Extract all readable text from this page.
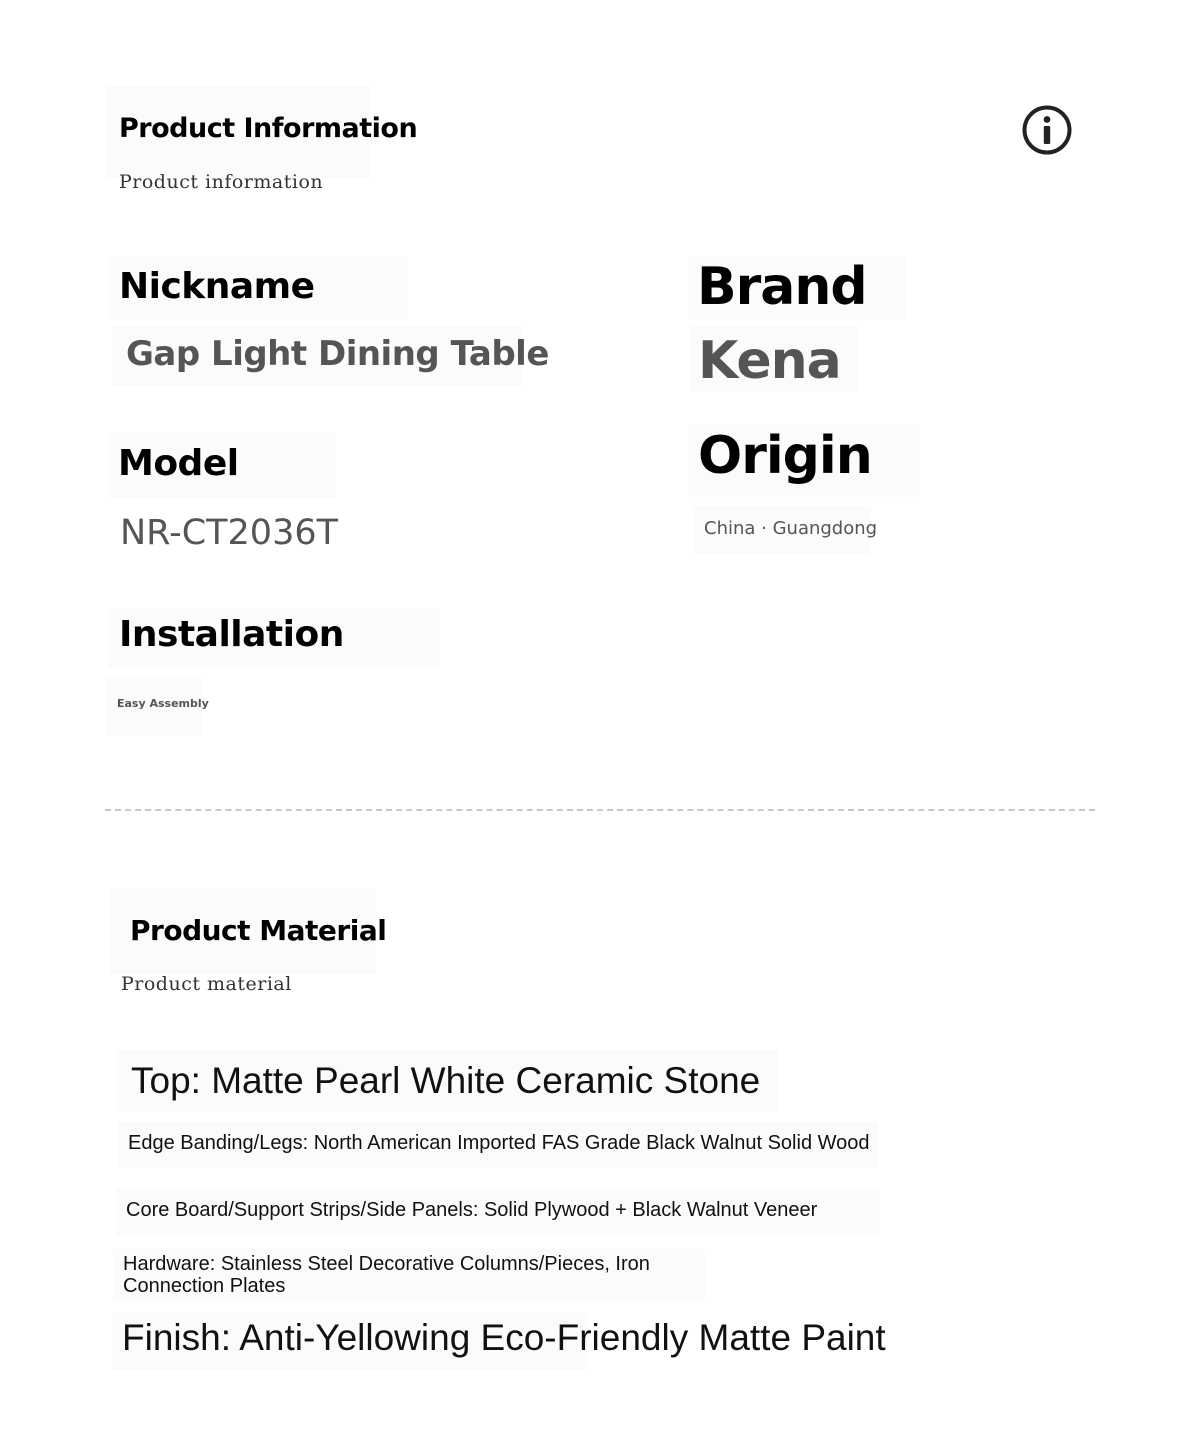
Product Information
Product information
Nickname
Gap Light Dining Table
Brand
Kena
Model
NR-CT2036T
Origin
China · Guangdong
Installation
Easy Assembly
Product Material
Product material
Top: Matte Pearl White Ceramic Stone
Edge Banding/Legs: North American Imported FAS Grade Black Walnut Solid Wood
Core Board/Support Strips/Side Panels: Solid Plywood + Black Walnut Veneer
Hardware: Stainless Steel Decorative Columns/Pieces, Iron Connection Plates
Finish: Anti-Yellowing Eco-Friendly Matte Paint
